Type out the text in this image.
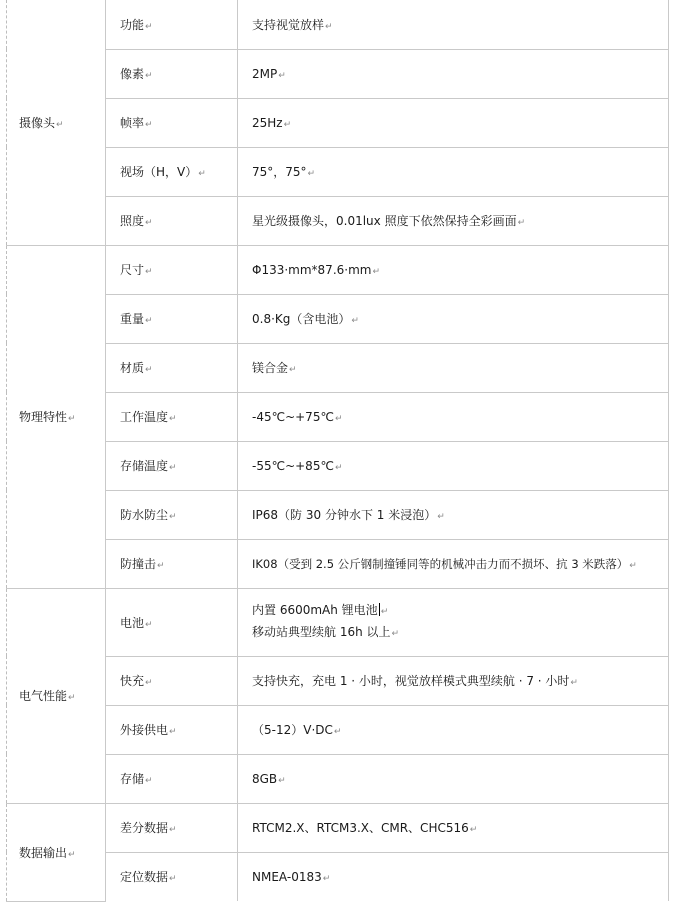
摄像头↵	功能↵	支持视觉放样↵
	像素↵	2MP↵
	帧率↵	25Hz↵
	视场（H，V）↵	75°，75°↵
	照度↵	星光级摄像头，0.01lux 照度下依然保持全彩画面↵
物理特性↵	尺寸↵	Φ133·mm*87.6·mm↵
	重量↵	0.8·Kg（含电池）↵
	材质↵	镁合金↵
	工作温度↵	-45℃~+75℃↵
	存储温度↵	-55℃~+85℃↵
	防水防尘↵	IP68（防 30 分钟水下 1 米浸泡）↵
	防撞击↵	IK08（受到 2.5 公斤钢制撞锤同等的机械冲击力而不损坏、抗 3 米跌落）↵
电气性能↵	电池↵	内置 6600mAh 锂电池 ↵
移动站典型续航 16h 以上↵

	快充↵	支持快充，充电 1 · 小时，视觉放样模式典型续航 · 7 · 小时↵
	外接供电↵	（5-12）V·DC↵
	存储↵	8GB↵
数据输出↵	差分数据↵	RTCM2.X、RTCM3.X、CMR、CHC516↵
	定位数据↵	NMEA-0183↵
